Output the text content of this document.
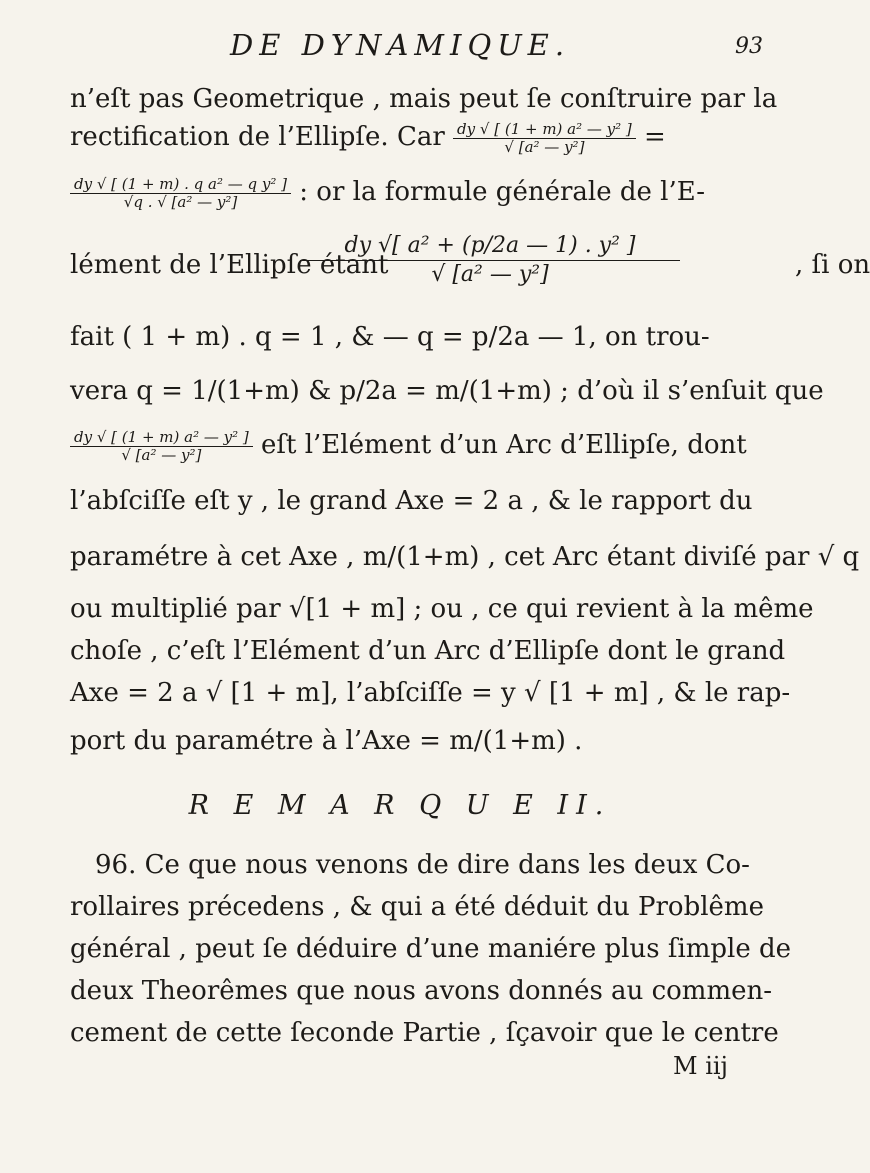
DE DYNAMIQUE.	93
n’eſt pas Geometrique , mais peut ſe conſtruire par la
rectification de l’Ellipſe. Car $\frac{\text{dy √ [ (1 + m) a² — y² ]}}{\text{√ [a² — y²]}}$ =
$\frac{\text{dy √ [ (1 + m) . q a² — q y² ]}}{\text{√q . √ [a² — y²]}}$ : or la formule générale de l’E-
$\frac{\text{dy √[ a² + (p/2a — 1) . y² ]}}{\text{√ [a² — y²]}}$
lément de l’Ellipſe étant	, ſi on
fait ( 1 + m) . q = 1 , & — q = p/2a — 1, on trou-
vera q = 1/(1+m) & p/2a = m/(1+m) ; d’où il s’enſuit que
$\frac{\text{dy √ [ (1 + m) a² — y² ]}}{\text{√ [a² — y²]}}$ eſt l’Elément d’un Arc d’Ellipſe, dont
l’abſciſſe eſt y , le grand Axe = 2 a , & le rapport du
paramétre à cet Axe , m/(1+m) , cet Arc étant diviſé par √ q
ou multiplié par √[1 + m] ; ou , ce qui revient à la même
choſe , c’eſt l’Elément d’un Arc d’Ellipſe dont le grand
Axe = 2 a √ [1 + m], l’abſciſſe = y √ [1 + m] , & le rap-
port du paramétre à l’Axe = m/(1+m) .
R E M A R Q U E II.
96. Ce que nous venons de dire dans les deux Co-
rollaires précedens , & qui a été déduit du Problême
général , peut ſe déduire d’une maniére plus ſimple de
deux Theorêmes que nous avons donnés au commen-
cement de cette ſeconde Partie , ſçavoir que le centre
M iij
